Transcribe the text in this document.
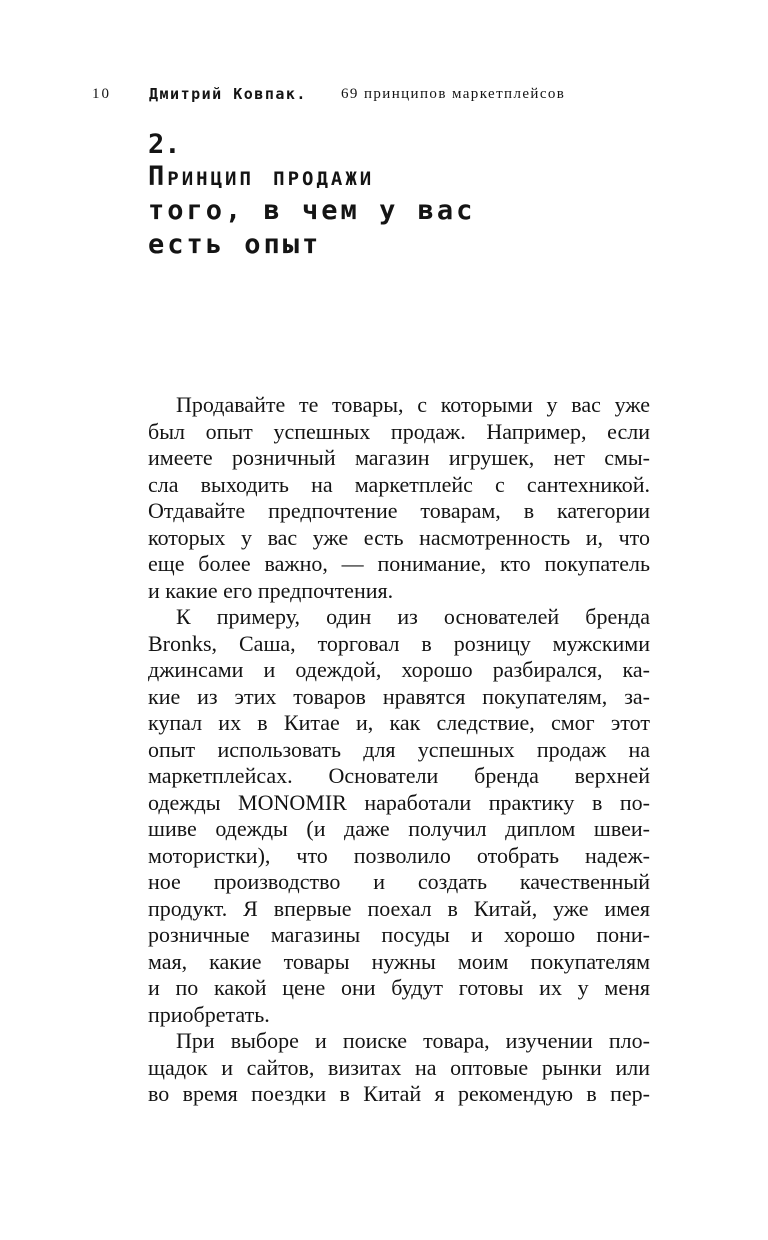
10	Дмитрий Ковпак. 69 принципов маркетплейсов
2.
Принцип продажи
того, в чем у вас
есть опыт
Продавайте те товары, с которыми у вас уже
был опыт успешных продаж. Например, если
имеете розничный магазин игрушек, нет смы-
сла выходить на маркетплейс с сантехникой.
Отдавайте предпочтение товарам, в категории
которых у вас уже есть насмотренность и, что
еще более важно, — понимание, кто покупатель
и какие его предпочтения.
К примеру, один из основателей бренда
Bronks, Саша, торговал в розницу мужскими
джинсами и одеждой, хорошо разбирался, ка-
кие из этих товаров нравятся покупателям, за-
купал их в Китае и, как следствие, смог этот
опыт использовать для успешных продаж на
маркетплейсах. Основатели бренда верхней
одежды MONOMIR наработали практику в по-
шиве одежды (и даже получил диплом швеи-
мотористки), что позволило отобрать надеж-
ное производство и создать качественный
продукт. Я впервые поехал в Китай, уже имея
розничные магазины посуды и хорошо пони-
мая, какие товары нужны моим покупателям
и по какой цене они будут готовы их у меня
приобретать.
При выборе и поиске товара, изучении пло-
щадок и сайтов, визитах на оптовые рынки или
во время поездки в Китай я рекомендую в пер-
